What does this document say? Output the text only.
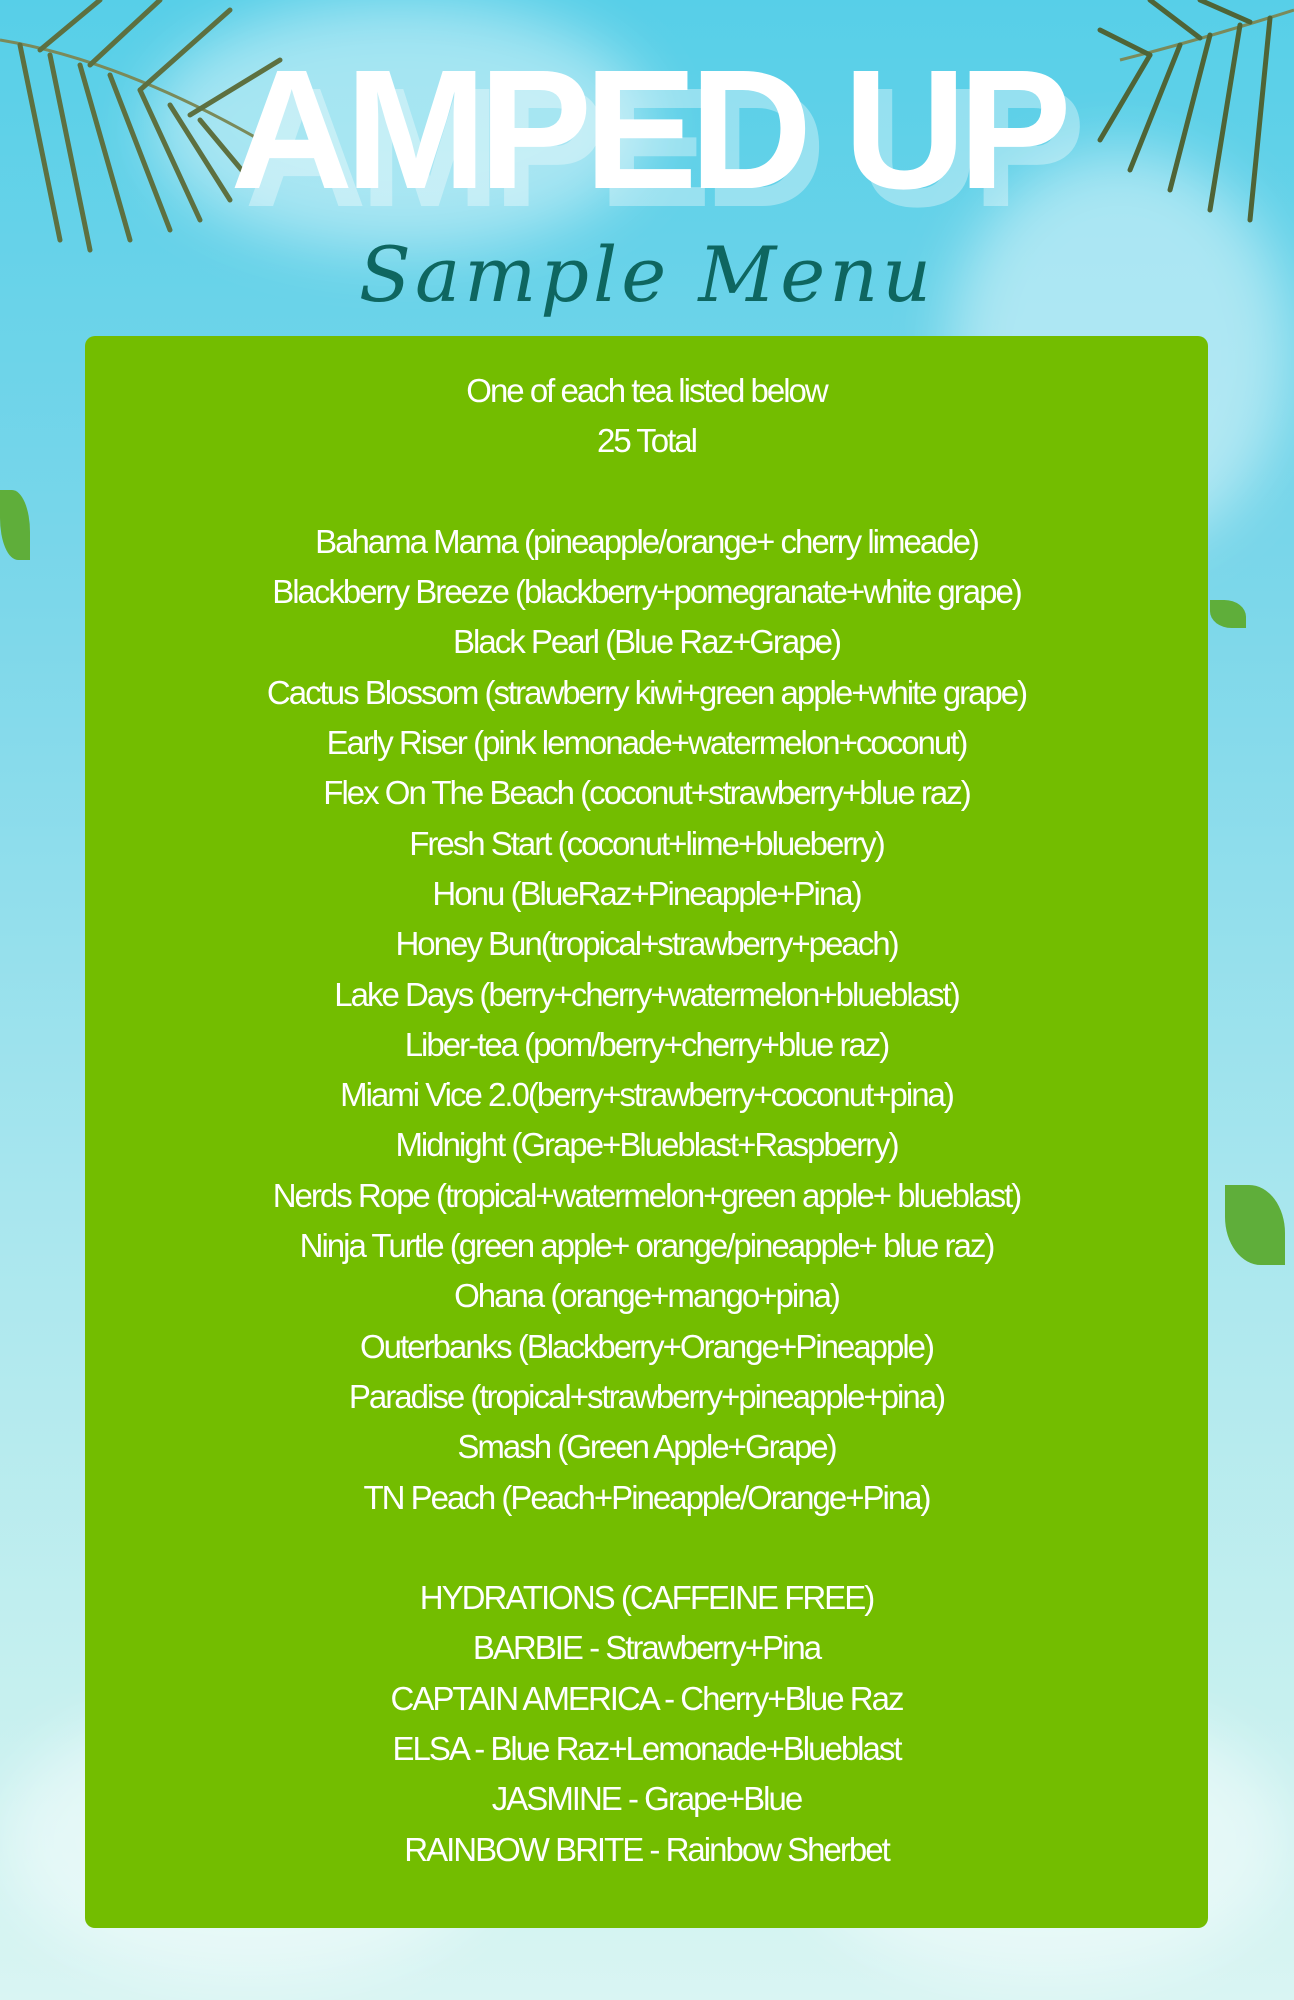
AMPED UP
Sample Menu
One of each tea listed below
25 Total
Bahama Mama (pineapple/orange+ cherry limeade)
Blackberry Breeze (blackberry+pomegranate+white grape)
Black Pearl (Blue Raz+Grape)
Cactus Blossom (strawberry kiwi+green apple+white grape)
Early Riser (pink lemonade+watermelon+coconut)
Flex On The Beach (coconut+strawberry+blue raz)
Fresh Start (coconut+lime+blueberry)
Honu (BlueRaz+Pineapple+Pina)
Honey Bun(tropical+strawberry+peach)
Lake Days (berry+cherry+watermelon+blueblast)
Liber-tea (pom/berry+cherry+blue raz)
Miami Vice 2.0(berry+strawberry+coconut+pina)
Midnight (Grape+Blueblast+Raspberry)
Nerds Rope (tropical+watermelon+green apple+ blueblast)
Ninja Turtle (green apple+ orange/pineapple+ blue raz)
Ohana (orange+mango+pina)
Outerbanks (Blackberry+Orange+Pineapple)
Paradise (tropical+strawberry+pineapple+pina)
Smash (Green Apple+Grape)
TN Peach (Peach+Pineapple/Orange+Pina)
HYDRATIONS (CAFFEINE FREE)
BARBIE - Strawberry+Pina
CAPTAIN AMERICA - Cherry+Blue Raz
ELSA - Blue Raz+Lemonade+Blueblast
JASMINE - Grape+Blue
RAINBOW BRITE - Rainbow Sherbet
